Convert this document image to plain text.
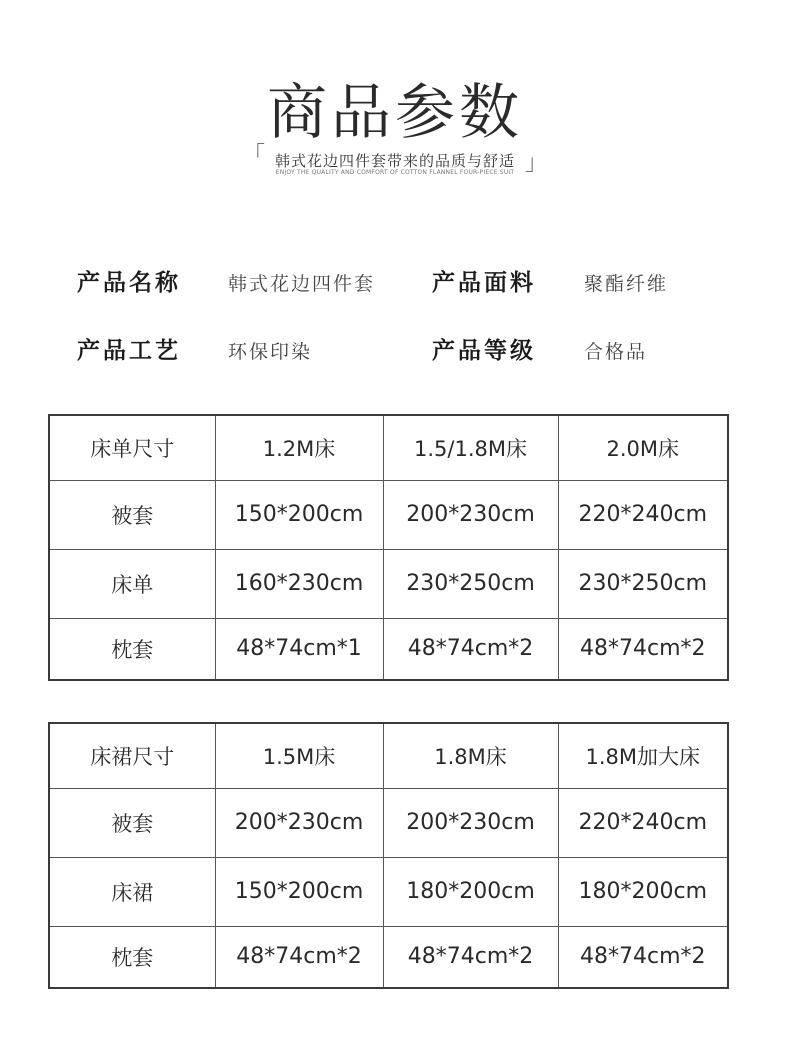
商品参数
「 韩式花边四件套带来的品质与舒适 」
ENJOY THE QUALITY AND COMFORT OF COTTON FLANNEL FOUR-PIECE SUIT
产品名称 韩式花边四件套 产品面料	聚酯纤维
产品工艺 环保印染	产品等级	合格品
床单尺寸	1.2M床	1.5/1.8M床	2.0M床
被套	150*200cm	200*230cm	220*240cm
床单	160*230cm	230*250cm	230*250cm
枕套	48*74cm*1	48*74cm*2	48*74cm*2
床裙尺寸	1.5M床	1.8M床	1.8M加大床
被套	200*230cm	200*230cm	220*240cm
床裙	150*200cm	180*200cm	180*200cm
枕套	48*74cm*2	48*74cm*2	48*74cm*2
